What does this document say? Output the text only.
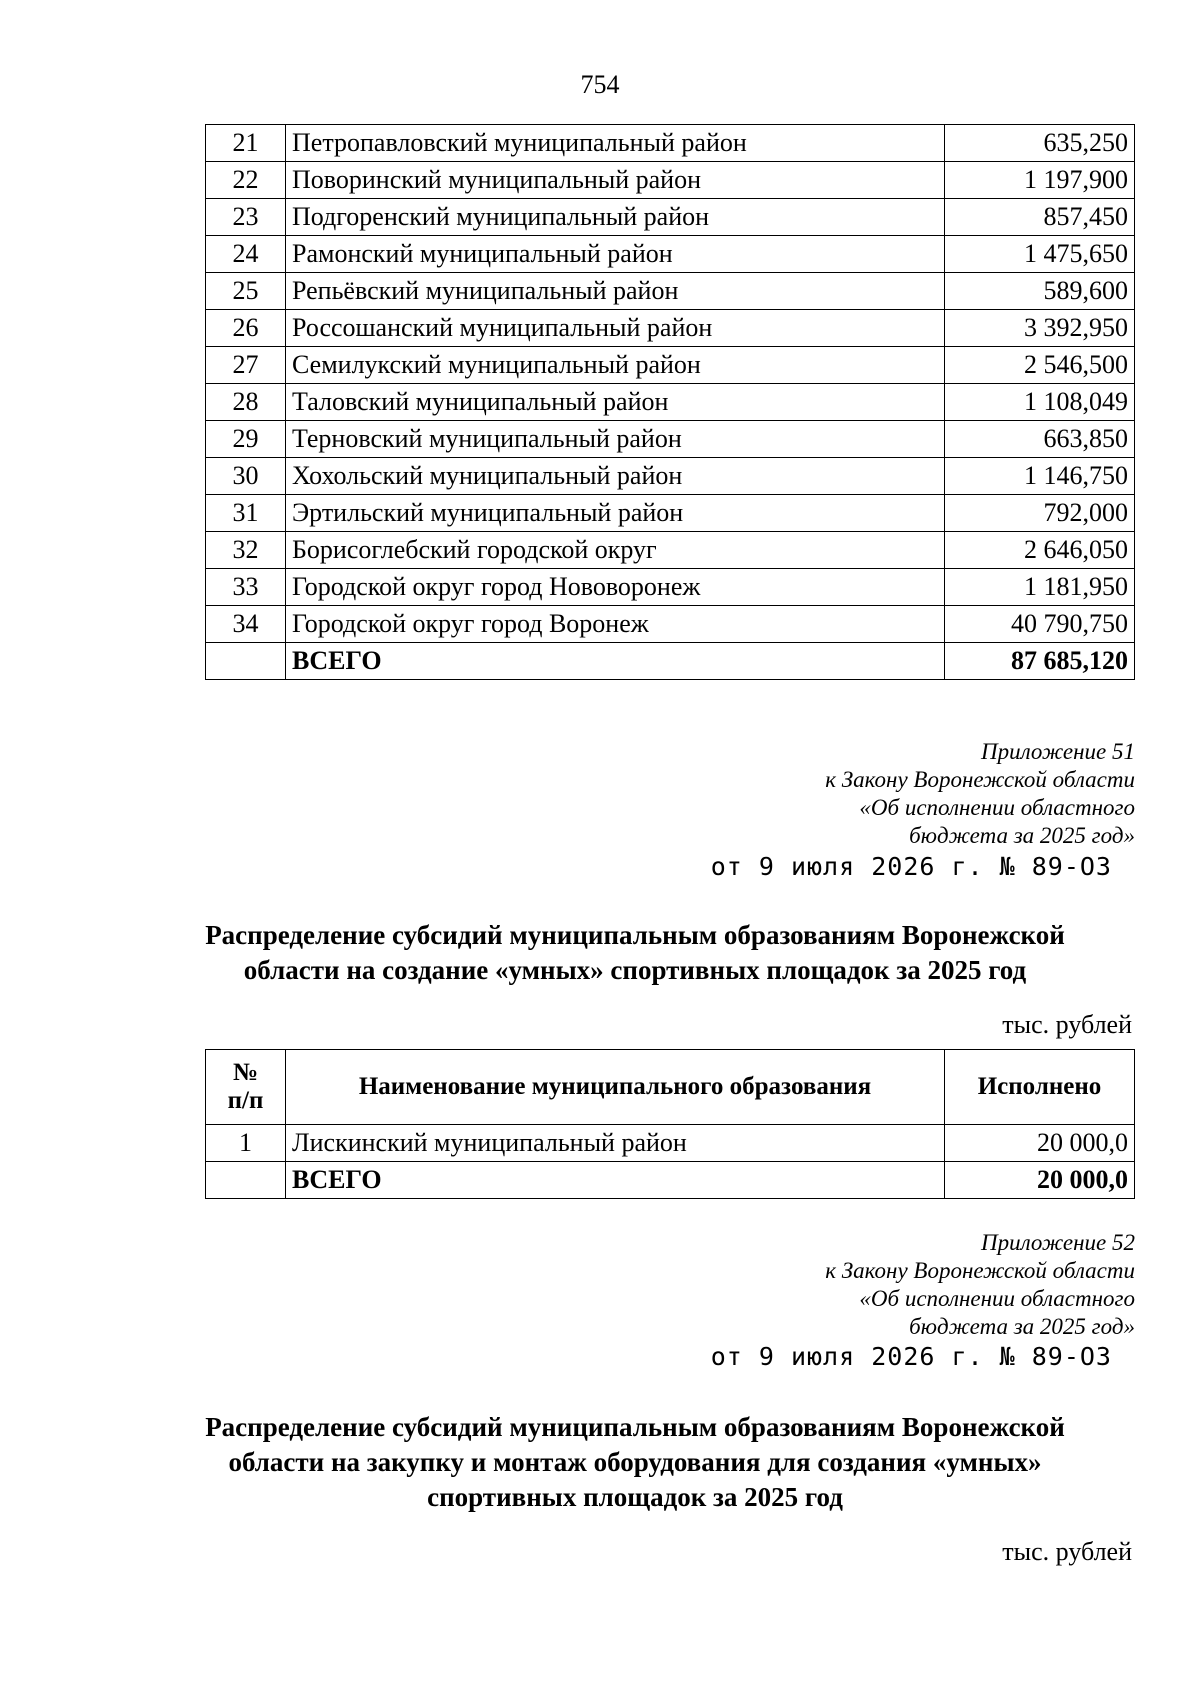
754
21	Петропавловский муниципальный район	635,250
22	Поворинский муниципальный район	1 197,900
23	Подгоренский муниципальный район	857,450
24	Рамонский муниципальный район	1 475,650
25	Репьёвский муниципальный район	589,600
26	Россошанский муниципальный район	3 392,950
27	Семилукский муниципальный район	2 546,500
28	Таловский муниципальный район	1 108,049
29	Терновский муниципальный район	663,850
30	Хохольский муниципальный район	1 146,750
31	Эртильский муниципальный район	792,000
32	Борисоглебский городской округ	2 646,050
33	Городской округ город Нововоронеж	1 181,950
34	Городской округ город Воронеж	40 790,750
	ВСЕГО	87 685,120
Приложение 51
к Закону Воронежской области
«Об исполнении областного
бюджета за 2025 год»
от 9 июля 2026 г. № 89-ОЗ
Распределение субсидий муниципальным образованиям Воронежской
области на создание «умных» спортивных площадок за 2025 год
тыс. рублей
№
п/п	Наименование муниципального образования	Исполнено
1	Лискинский муниципальный район	20 000,0
	ВСЕГО	20 000,0
Приложение 52
к Закону Воронежской области
«Об исполнении областного
бюджета за 2025 год»
от 9 июля 2026 г. № 89-ОЗ
Распределение субсидий муниципальным образованиям Воронежской
области на закупку и монтаж оборудования для создания «умных»
спортивных площадок за 2025 год
тыс. рублей
